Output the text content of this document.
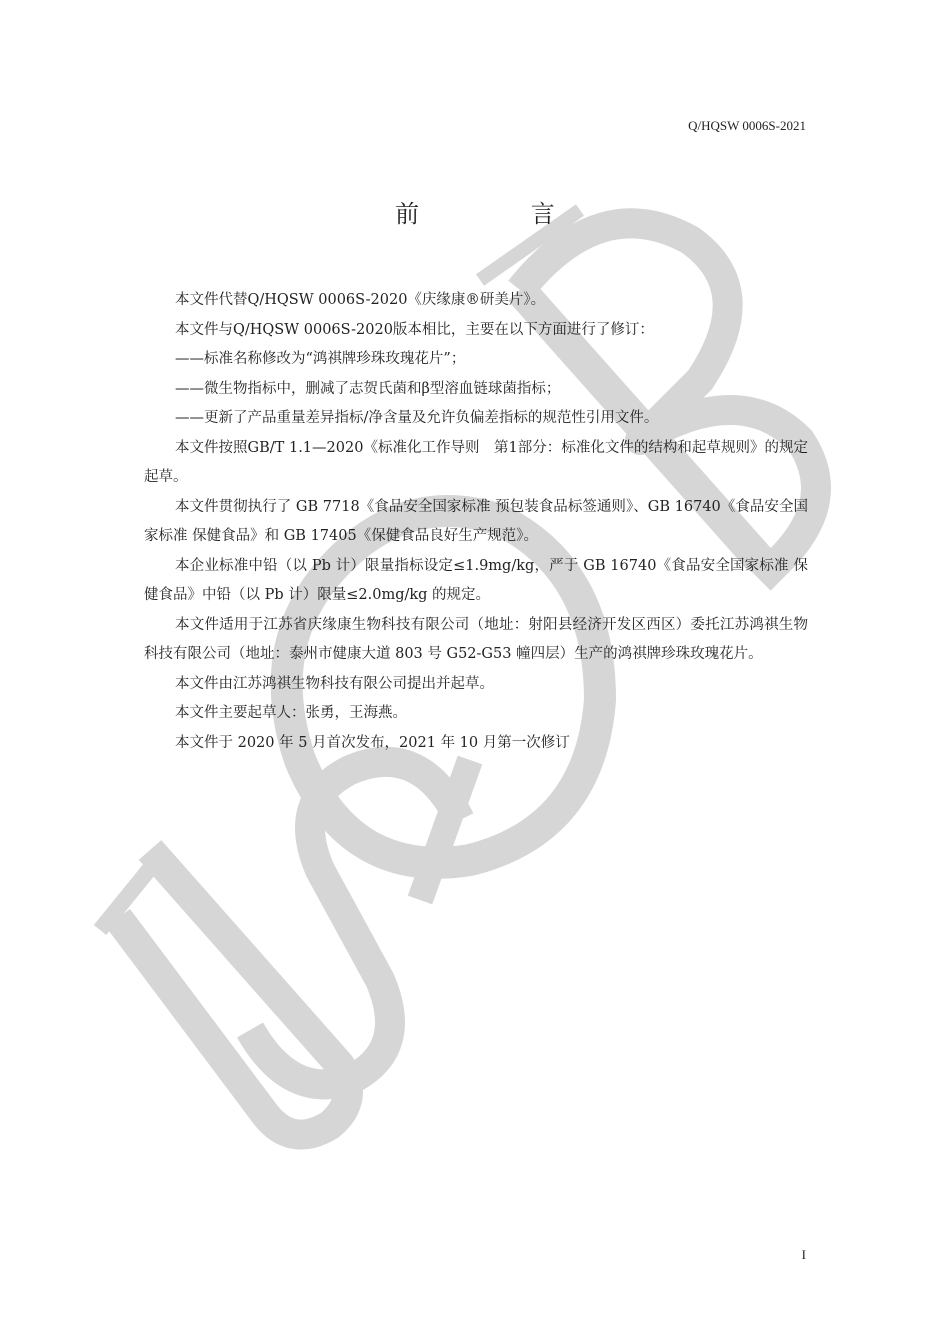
Q/HQSW 0006S-2021
前 言

本文件代替Q/HQSW 0006S-2020《庆缘康®研美片》。

本文件与Q/HQSW 0006S-2020版本相比，主要在以下方面进行了修订：

——标准名称修改为“鸿祺牌珍珠玫瑰花片”；

——微生物指标中，删减了志贺氏菌和β型溶血链球菌指标；

——更新了产品重量差异指标/净含量及允许负偏差指标的规范性引用文件。

本文件按照GB/T 1.1—2020《标准化工作导则　第1部分：标准化文件的结构和起草规则》的规定起草。

本文件贯彻执行了 GB 7718《食品安全国家标准 预包装食品标签通则》、GB 16740《食品安全国家标准 保健食品》和 GB 17405《保健食品良好生产规范》。

本企业标准中铅（以 Pb 计）限量指标设定≤1.9mg/kg，严于 GB 16740《食品安全国家标准 保健食品》中铅（以 Pb 计）限量≤2.0mg/kg 的规定。

本文件适用于江苏省庆缘康生物科技有限公司（地址：射阳县经济开发区西区）委托江苏鸿祺生物科技有限公司（地址：泰州市健康大道 803 号 G52-G53 幢四层）生产的鸿祺牌珍珠玫瑰花片。

本文件由江苏鸿祺生物科技有限公司提出并起草。

本文件主要起草人：张勇，王海燕。

本文件于 2020 年 5 月首次发布，2021 年 10 月第一次修订

I
